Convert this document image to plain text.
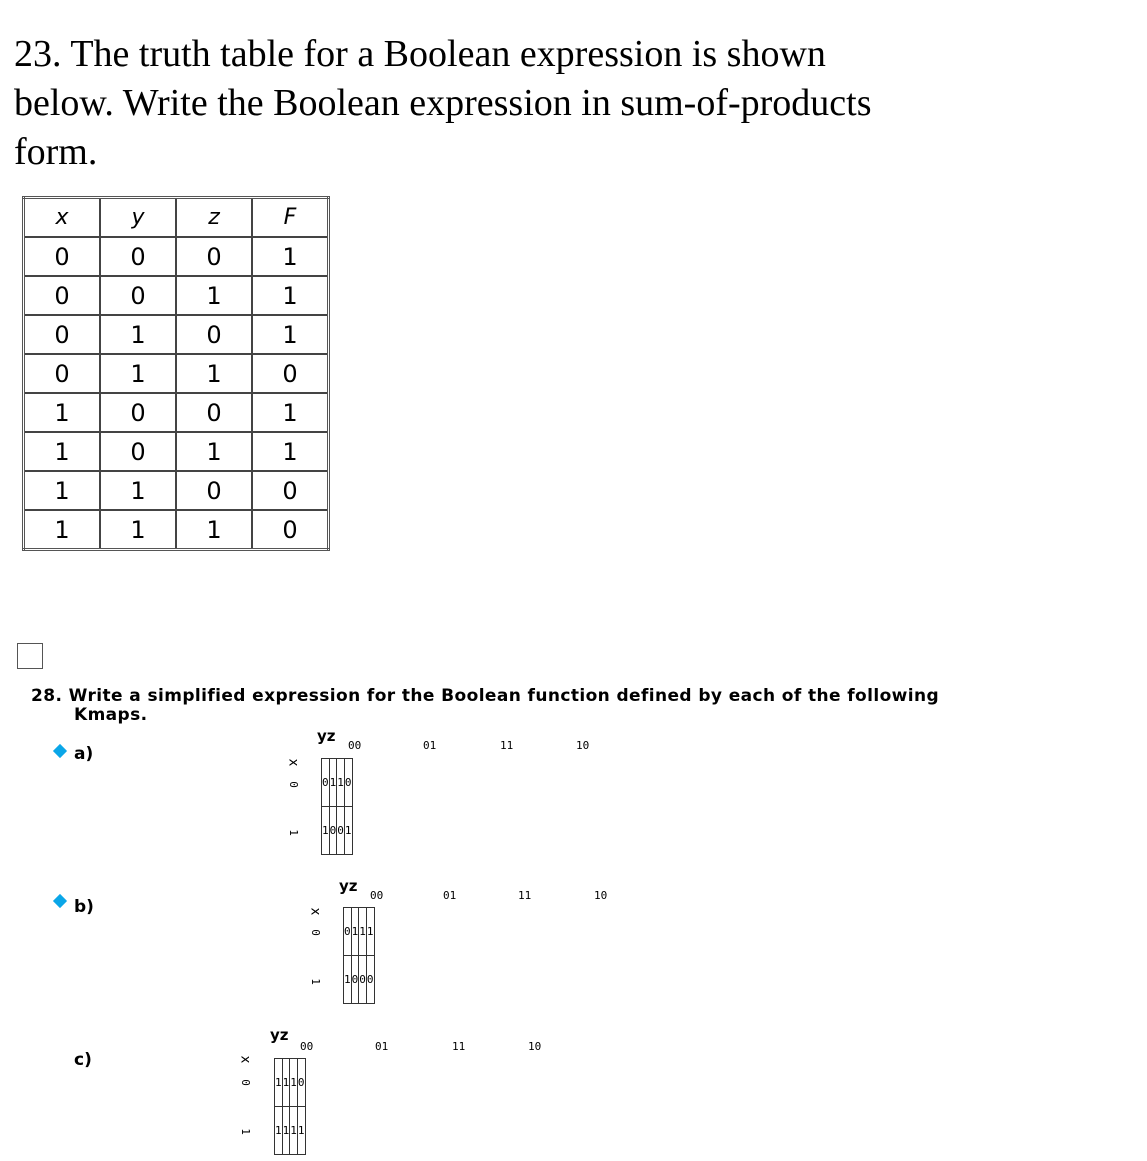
23. The truth table for a Boolean expression is shown
below. Write the Boolean expression in sum-of-products
form.
x	y	z	F
0	0	0	1
0	0	1	1
0	1	0	1
0	1	1	0
1	0	0	1
1	0	1	1
1	1	0	0
1	1	1	0
28. Write a simplified expression for the Boolean function defined by each of the following
Kmaps.
a)
b)
c)
yz
x
00	01	11	10
0
1
0	1	1	0
1	0	0	1
yz
x
00	01	11	10
0
1
0	1	1	1
1	0	0	0
yz
x
00	01	11	10
0
1
1	1	1	0
1	1	1	1
